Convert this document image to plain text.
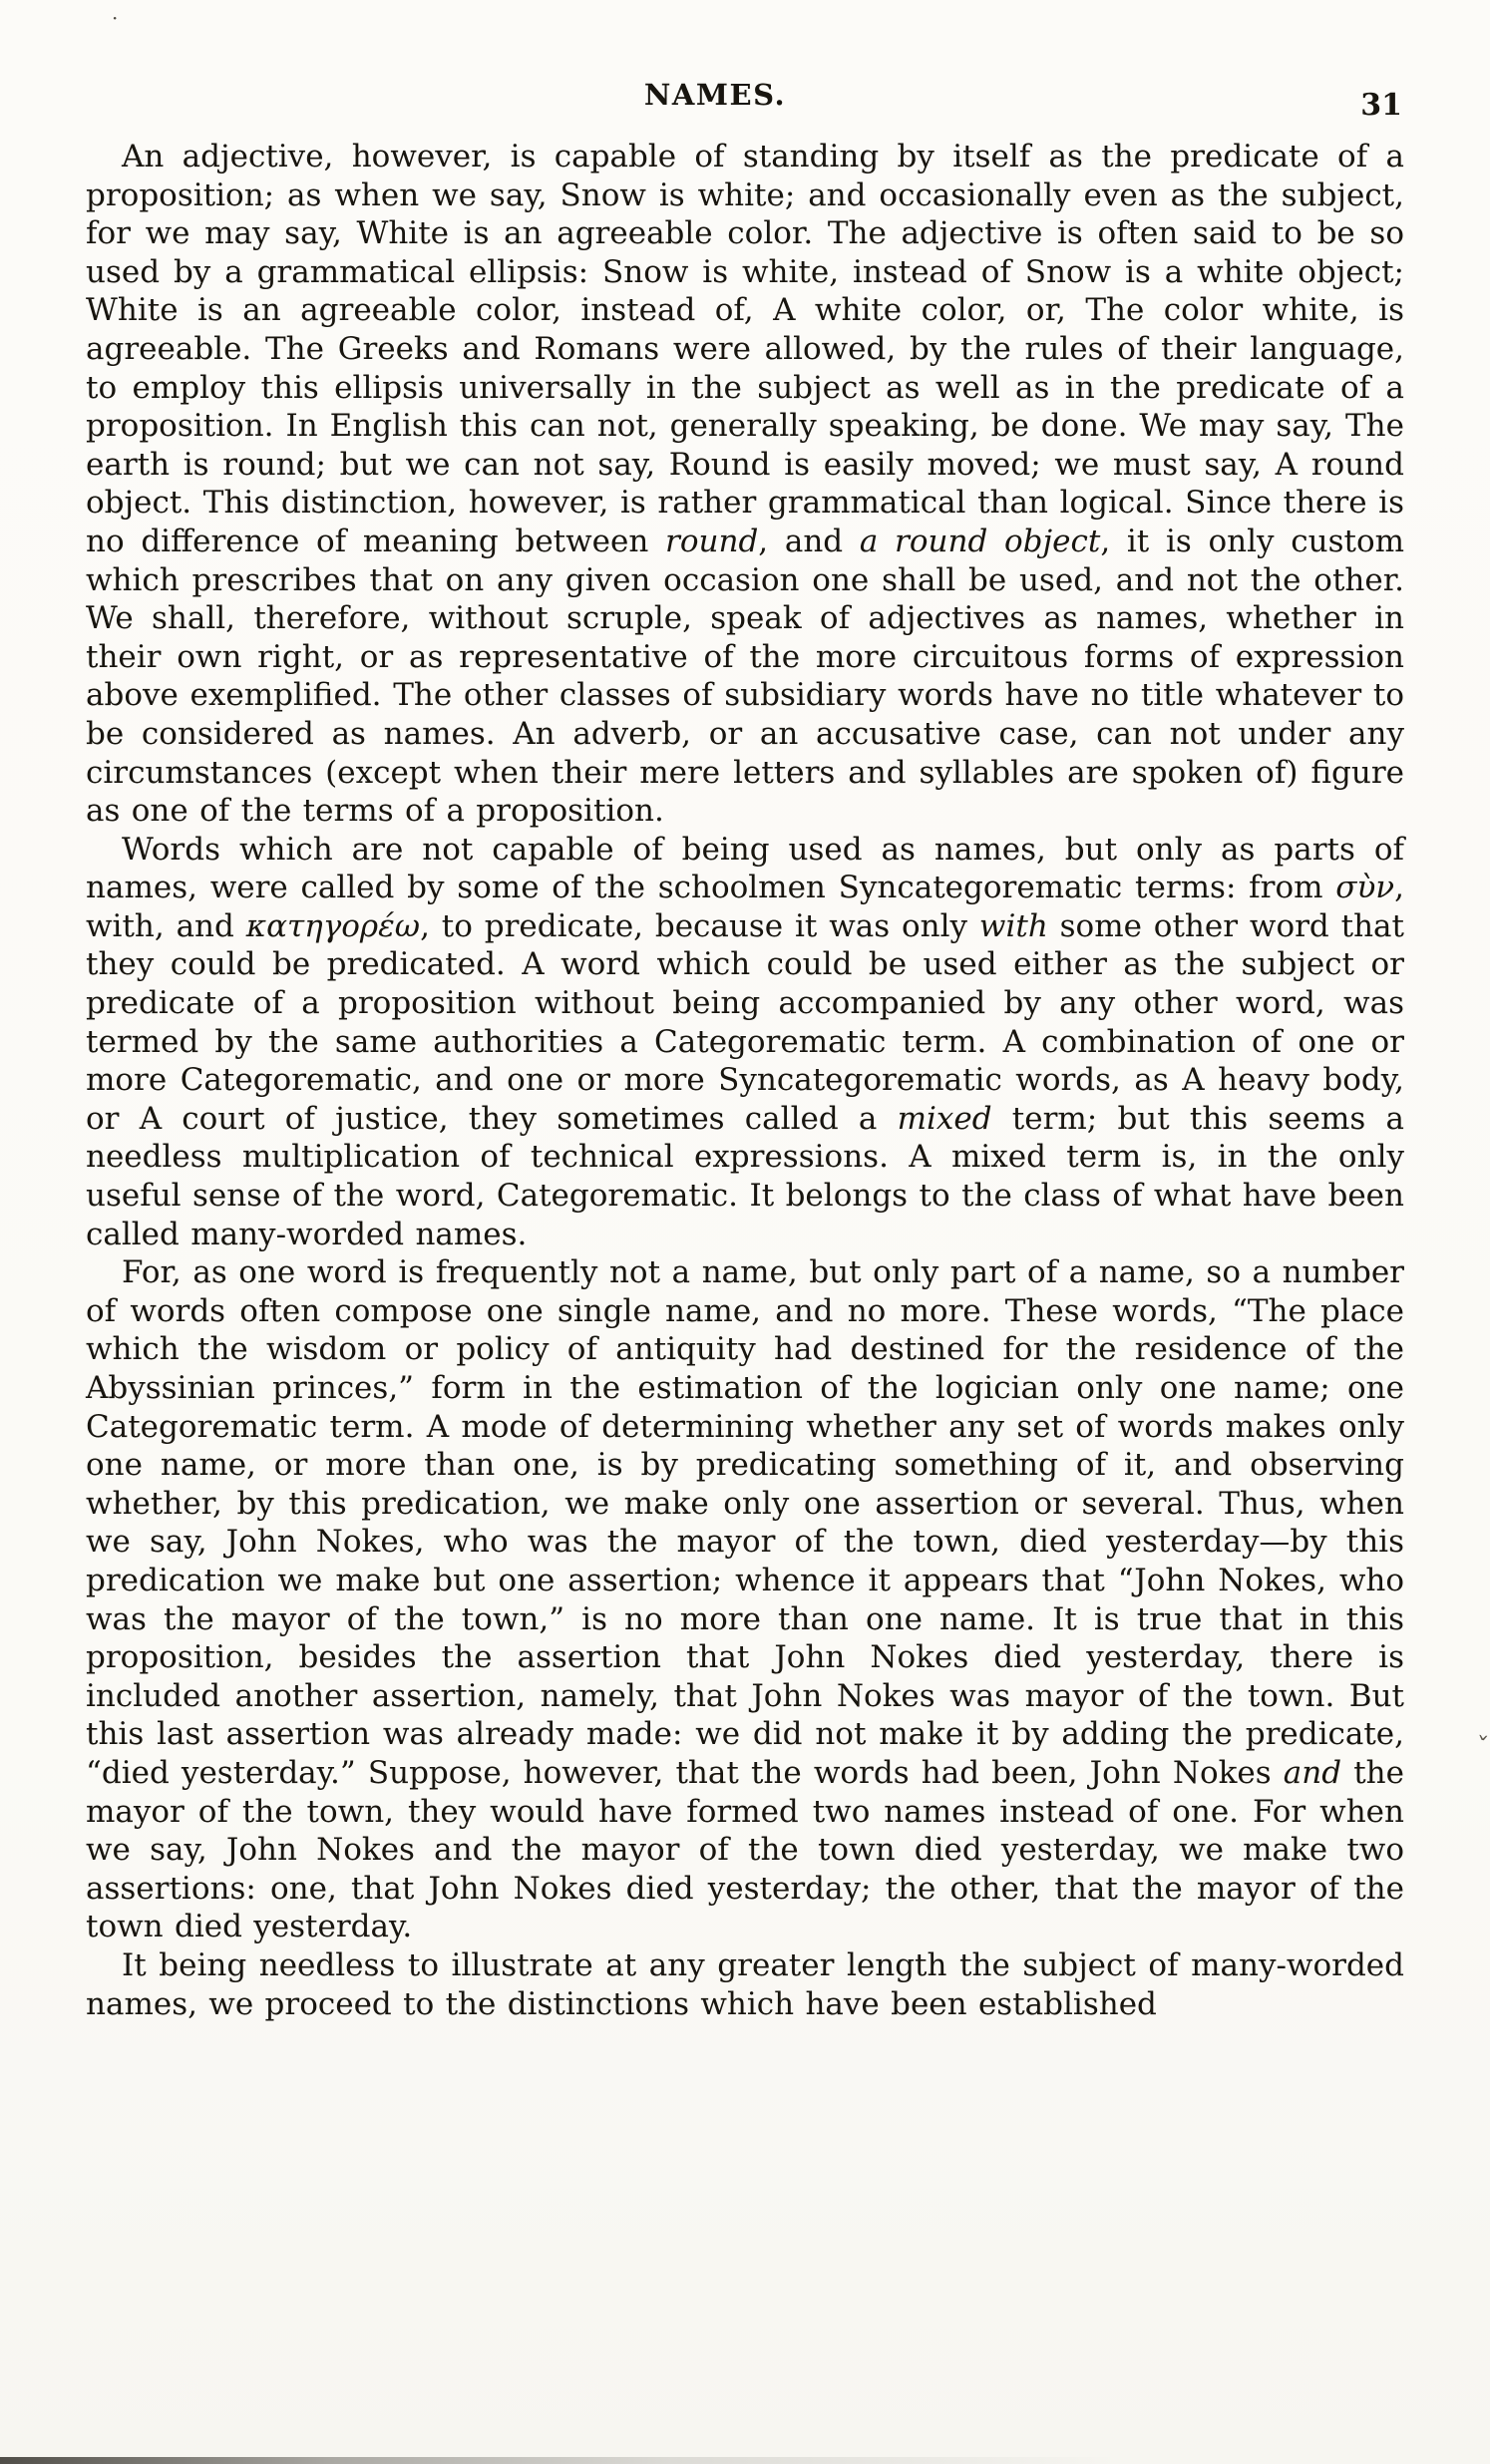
·
NAMES.	31

An adjective, however, is capable of standing by itself as the predicate of a proposition; as when we say, Snow is white; and occasionally even as the subject, for we may say, White is an agreeable color. The adjective is often said to be so used by a grammatical ellipsis: Snow is white, instead of Snow is a white object; White is an agreeable color, instead of, A white color, or, The color white, is agreeable. The Greeks and Romans were allowed, by the rules of their language, to employ this ellipsis universally in the subject as well as in the predicate of a proposition. In English this can not, generally speaking, be done. We may say, The earth is round; but we can not say, Round is easily moved; we must say, A round object. This distinction, however, is rather grammatical than logical. Since there is no difference of meaning between round, and a round object, it is only custom which prescribes that on any given occasion one shall be used, and not the other. We shall, therefore, without scruple, speak of adjectives as names, whether in their own right, or as representative of the more circuitous forms of expression above exemplified. The other classes of subsidiary words have no title whatever to be considered as names. An adverb, or an accusative case, can not under any circumstances (except when their mere letters and syllables are spoken of) figure as one of the terms of a proposition.

Words which are not capable of being used as names, but only as parts of names, were called by some of the schoolmen Syncategorematic terms: from σὺν, with, and κατηγορέω, to predicate, because it was only with some other word that they could be predicated. A word which could be used either as the subject or predicate of a proposition without being accompanied by any other word, was termed by the same authorities a Categorematic term. A combination of one or more Categorematic, and one or more Syncategorematic words, as A heavy body, or A court of justice, they sometimes called a mixed term; but this seems a needless multiplication of technical expressions. A mixed term is, in the only useful sense of the word, Categorematic. It belongs to the class of what have been called many-worded names.

For, as one word is frequently not a name, but only part of a name, so a number of words often compose one single name, and no more. These words, “The place which the wisdom or policy of antiquity had destined for the residence of the Abyssinian princes,” form in the estimation of the logician only one name; one Categorematic term. A mode of determining whether any set of words makes only one name, or more than one, is by predicating something of it, and observing whether, by this predication, we make only one assertion or several. Thus, when we say, John Nokes, who was the mayor of the town, died yesterday—by this predication we make but one assertion; whence it appears that “John Nokes, who was the mayor of the town,” is no more than one name. It is true that in this proposition, besides the assertion that John Nokes died yesterday, there is included another assertion, namely, that John Nokes was mayor of the town. But this last assertion was already made: we did not make it by adding the predicate, “died yesterday.” Suppose, however, that the words had been, John Nokes and the mayor of the town, they would have formed two names instead of one. For when we say, John Nokes and the mayor of the town died yesterday, we make two assertions: one, that John Nokes died yesterday; the other, that the mayor of the town died yesterday.

It being needless to illustrate at any greater length the subject of many-worded names, we proceed to the distinctions which have been established

ˇ
